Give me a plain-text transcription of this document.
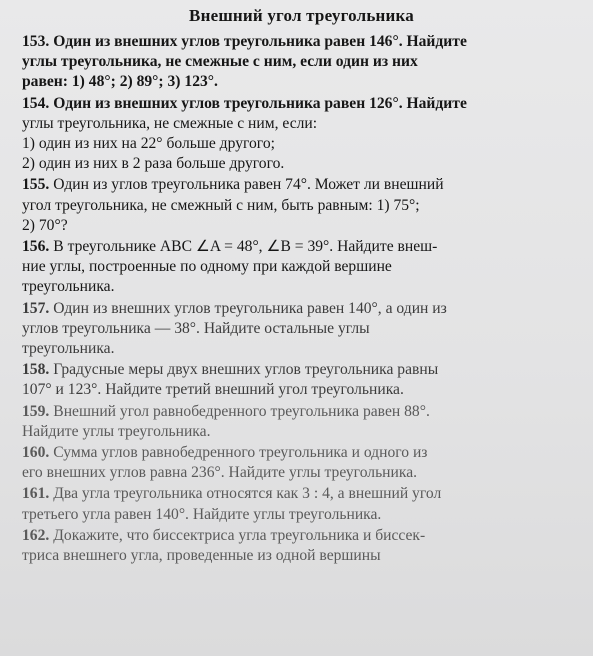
Внешний угол треугольника
153. Один из внешних углов треугольника равен 146°. Найдите
углы треугольника, не смежные с ним, если один из них
равен: 1) 48°; 2) 89°; 3) 123°.
154. Один из внешних углов треугольника равен 126°. Найдите
углы треугольника, не смежные с ним, если:
1) один из них на 22° больше другого;
2) один из них в 2 раза больше другого.
155. Один из углов треугольника равен 74°. Может ли внешний
угол треугольника, не смежный с ним, быть равным: 1) 75°;
2) 70°?
156. В треугольнике ABC ∠A = 48°, ∠B = 39°. Найдите внеш-
ние углы, построенные по одному при каждой вершине
треугольника.
157. Один из внешних углов треугольника равен 140°, а один из
углов треугольника — 38°. Найдите остальные углы
треугольника.
158. Градусные меры двух внешних углов треугольника равны
107° и 123°. Найдите третий внешний угол треугольника.
159. Внешний угол равнобедренного треугольника равен 88°.
Найдите углы треугольника.
160. Сумма углов равнобедренного треугольника и одного из
его внешних углов равна 236°. Найдите углы треугольника.
161. Два угла треугольника относятся как 3 : 4, а внешний угол
третьего угла равен 140°. Найдите углы треугольника.
162. Докажите, что биссектриса угла треугольника и биссек-
триса внешнего угла, проведенные из одной вершины
